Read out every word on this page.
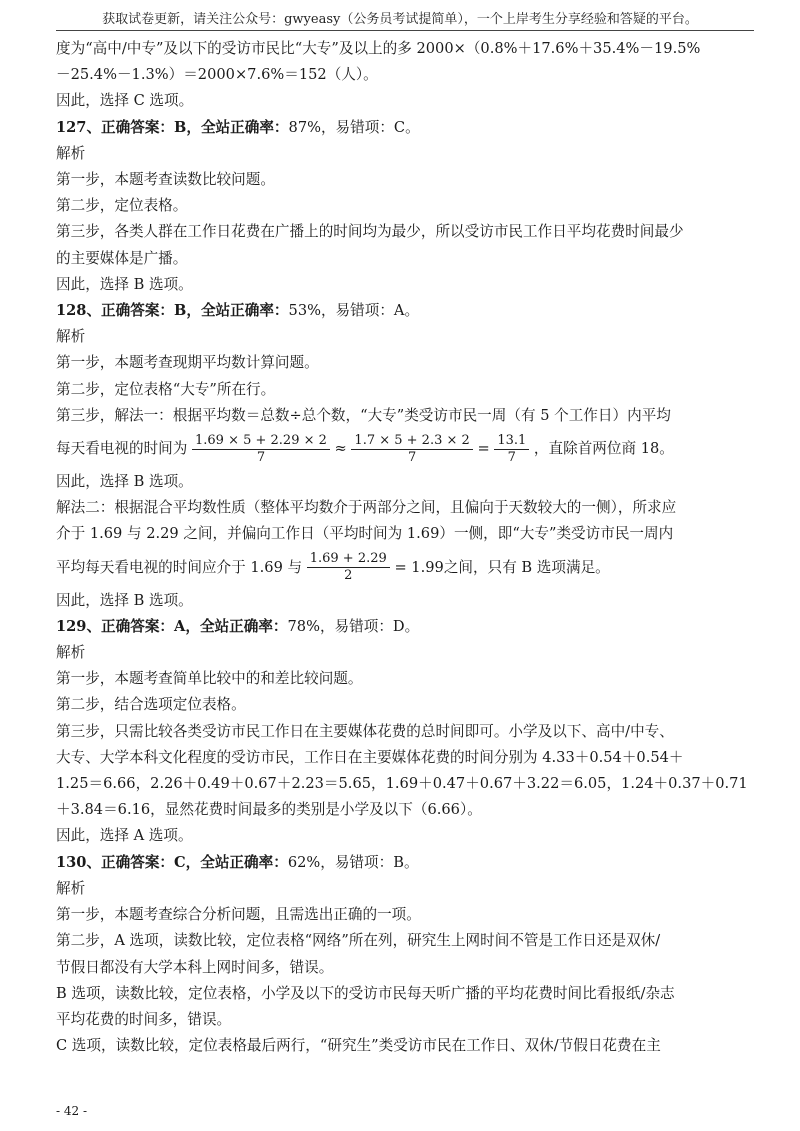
获取试卷更新，请关注公众号：gwyeasy（公务员考试提简单），一个上岸考生分享经验和答疑的平台。

度为“高中/中专”及以下的受访市民比“大专”及以上的多 2000×（0.8%＋17.6%＋35.4%－19.5%

－25.4%－1.3%）＝2000×7.6%＝152（人）。

因此，选择 C 选项。

127、正确答案：B，全站正确率：87%，易错项：C。

解析

第一步，本题考查读数比较问题。

第二步，定位表格。

第三步，各类人群在工作日花费在广播上的时间均为最少，所以受访市民工作日平均花费时间最少

的主要媒体是广播。

因此，选择 B 选项。

128、正确答案：B，全站正确率：53%，易错项：A。

解析

第一步，本题考查现期平均数计算问题。

第二步，定位表格“大专”所在行。

第三步，解法一：根据平均数＝总数÷总个数，“大专”类受访市民一周（有 5 个工作日）内平均

每天看电视的时间为 $\frac{1.69 \times 5 + 2.29 \times 2}{7} \approx \frac{1.7 \times 5 + 2.3 \times 2}{7} = \frac{13.1}{7}$ ，直除首两位商 18。

因此，选择 B 选项。

解法二：根据混合平均数性质（整体平均数介于两部分之间，且偏向于天数较大的一侧），所求应

介于 1.69 与 2.29 之间，并偏向工作日（平均时间为 1.69）一侧，即“大专”类受访市民一周内

平均每天看电视的时间应介于 1.69 与 $\frac{1.69 + 2.29}{2} = 1.99$之间，只有 B 选项满足。

因此，选择 B 选项。

129、正确答案：A，全站正确率：78%，易错项：D。

解析

第一步，本题考查简单比较中的和差比较问题。

第二步，结合选项定位表格。

第三步，只需比较各类受访市民工作日在主要媒体花费的总时间即可。小学及以下、高中/中专、

大专、大学本科文化程度的受访市民，工作日在主要媒体花费的时间分别为 4.33＋0.54＋0.54＋

1.25＝6.66，2.26＋0.49＋0.67＋2.23＝5.65，1.69＋0.47＋0.67＋3.22＝6.05，1.24＋0.37＋0.71

＋3.84＝6.16，显然花费时间最多的类别是小学及以下（6.66）。

因此，选择 A 选项。

130、正确答案：C，全站正确率：62%，易错项：B。

解析

第一步，本题考查综合分析问题，且需选出正确的一项。

第二步，A 选项，读数比较，定位表格“网络”所在列，研究生上网时间不管是工作日还是双休/

节假日都没有大学本科上网时间多，错误。

B 选项，读数比较，定位表格，小学及以下的受访市民每天听广播的平均花费时间比看报纸/杂志

平均花费的时间多，错误。

C 选项，读数比较，定位表格最后两行，“研究生”类受访市民在工作日、双休/节假日花费在主

- 42 -
